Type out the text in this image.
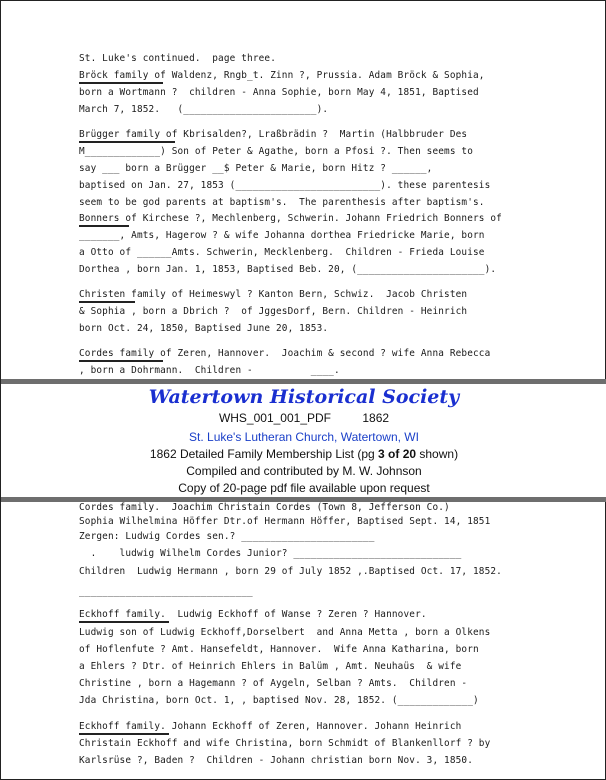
St. Luke's continued.  page three.
Bröck family of Waldenz, Rngb_t. Zinn ?, Prussia. Adam Bröck & Sophia,
born a Wortmann ?  children - Anna Sophie, born May 4, 1851, Baptised
March 7, 1852.   (_______________________).
Brügger family of Kbrisalden?, Lraßbrädin ?  Martin (Halbbruder Des
M_____________) Son of Peter & Agathe, born a Pfosi ?. Then seems to
say ___ born a Brügger __$ Peter & Marie, born Hitz ? ______,
baptised on Jan. 27, 1853 (_________________________). these parentesis
seem to be god parents at baptism's.  The parenthesis after baptism's.
Bonners of Kirchese ?, Mechlenberg, Schwerin. Johann Friedrich Bonners of
_______, Amts, Hagerow ? & wife Johanna dorthea Friedricke Marie, born
a Otto of ______Amts. Schwerin, Mecklenberg.  Children - Frieda Louise
Dorthea , born Jan. 1, 1853, Baptised Beb. 20, (______________________).
Christen family of Heimeswyl ? Kanton Bern, Schwiz.  Jacob Christen
& Sophia , born a Dbrich ?  of JggesDorf, Bern. Children - Heinrich
born Oct. 24, 1850, Baptised June 20, 1853.
Cordes family of Zeren, Hannover.  Joachim & second ? wife Anna Rebecca
, born a Dohrmann.  Children -          ____.
Watertown Historical Society
WHS_001_001_PDF	1862
St. Luke's Lutheran Church, Watertown, WI
1862 Detailed Family Membership List (pg 3 of 20 shown)
Compiled and contributed by M. W. Johnson
Copy of 20-page pdf file available upon request
Cordes family.  Joachim Christain Cordes (Town 8, Jefferson Co.)
Sophia Wilhelmina Höffer Dtr.of Hermann Höffer, Baptised Sept. 14, 1851
Zergen: Ludwig Cordes sen.? _______________________
.    ludwig Wilhelm Cordes Junior? _____________________________
Children  Ludwig Hermann , born 29 of July 1852 ,.Baptised Oct. 17, 1852.
______________________________
Eckhoff family.  Ludwig Eckhoff of Wanse ? Zeren ? Hannover.
Ludwig son of Ludwig Eckhoff,Dorselbert  and Anna Metta , born a Olkens
of Hoflenfute ? Amt. Hansefeldt, Hannover.  Wife Anna Katharina, born
a Ehlers ? Dtr. of Heinrich Ehlers in Balüm , Amt. Neuhaüs  & wife
Christine , born a Hagemann ? of Aygeln, Selban ? Amts.  Children -
Jda Christina, born Oct. 1, , baptised Nov. 28, 1852. (_____________)
Eckhoff family. Johann Eckhoff of Zeren, Hannover. Johann Heinrich
Christain Eckhoff and wife Christina, born Schmidt of Blankenllorf ? by
Karlsrüse ?, Baden ?  Children - Johann christian born Nov. 3, 1850.
